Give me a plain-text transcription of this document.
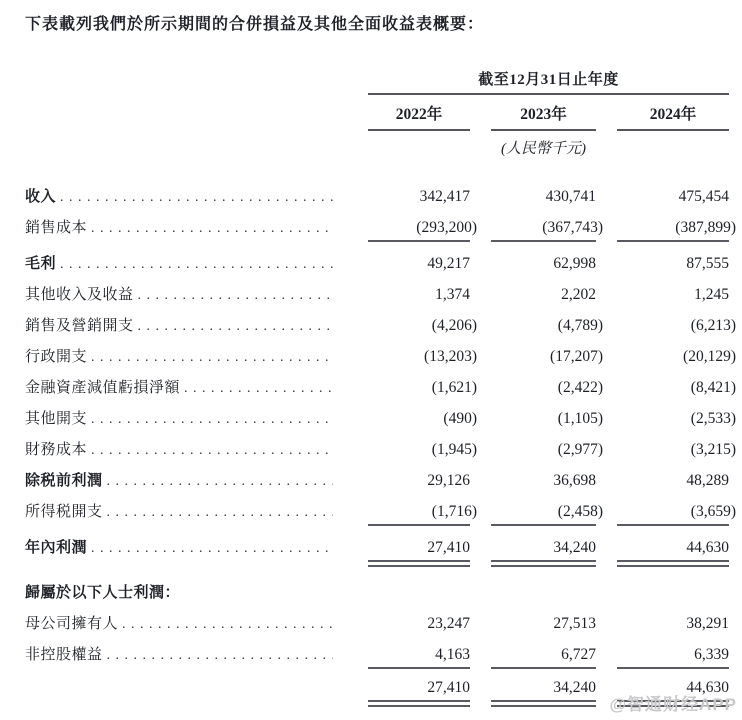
下表載列我們於所示期間的合併損益及其他全面收益表概要：

截至12月31日止年度
2022年	2023年	2024年
(人民幣千元)
收入 . . .	342,417	430,741	475,454
銷售成本 . . .	(293,200)	(367,743)	(387,899)
毛利 . . .	49,217	62,998	87,555
其他收入及收益 . . .	1,374	2,202	1,245
銷售及營銷開支 . . .	(4,206)	(4,789)	(6,213)
行政開支 . . .	(13,203)	(17,207)	(20,129)
金融資產減值虧損淨額 . . .	(1,621)	(2,422)	(8,421)
其他開支 . . .	(490)	(1,105)	(2,533)
財務成本 . . .	(1,945)	(2,977)	(3,215)
除税前利潤 . . .	29,126	36,698	48,289
所得税開支 . . .	(1,716)	(2,458)	(3,659)
年內利潤 . . .	27,410	34,240	44,630
歸屬於以下人士利潤：
母公司擁有人 . . .	23,247	27,513	38,291
非控股權益 . . .	4,163	6,727	6,339
27,410	34,240	44,630
@智通财经APP
